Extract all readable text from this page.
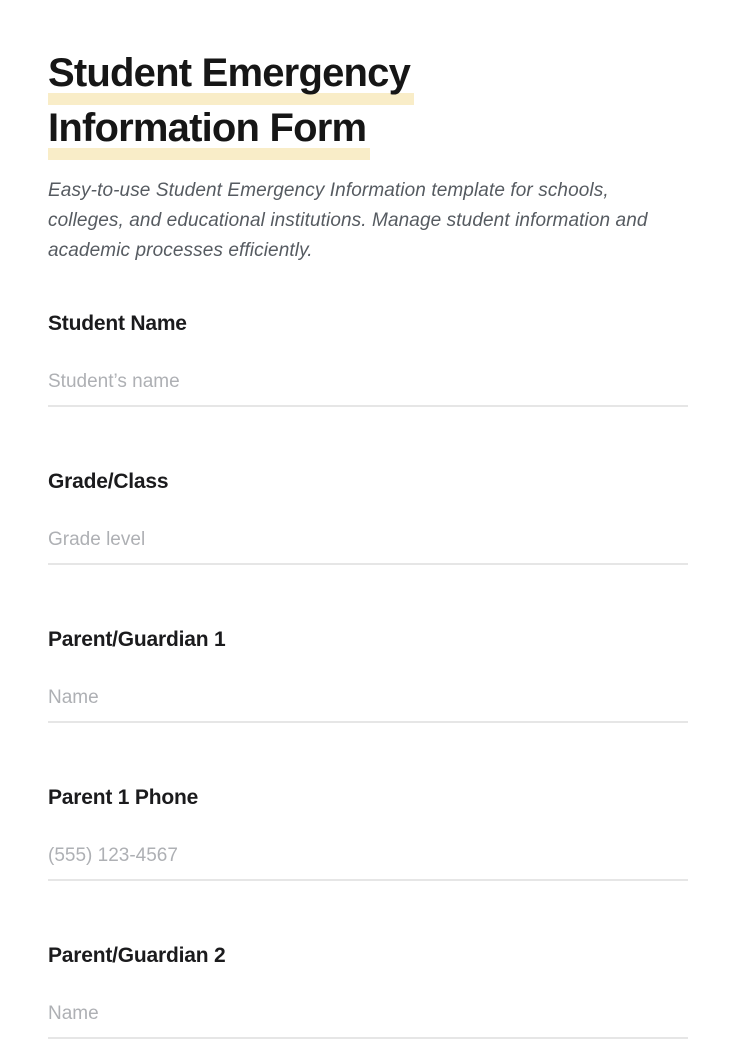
Student Emergency
Information Form

Easy-to-use Student Emergency Information template for schools,
colleges, and educational institutions. Manage student information and
academic processes efficiently.

Student Name
Student’s name
Grade/Class
Grade level
Parent/Guardian 1
Name
Parent 1 Phone
(555) 123-4567
Parent/Guardian 2
Name
